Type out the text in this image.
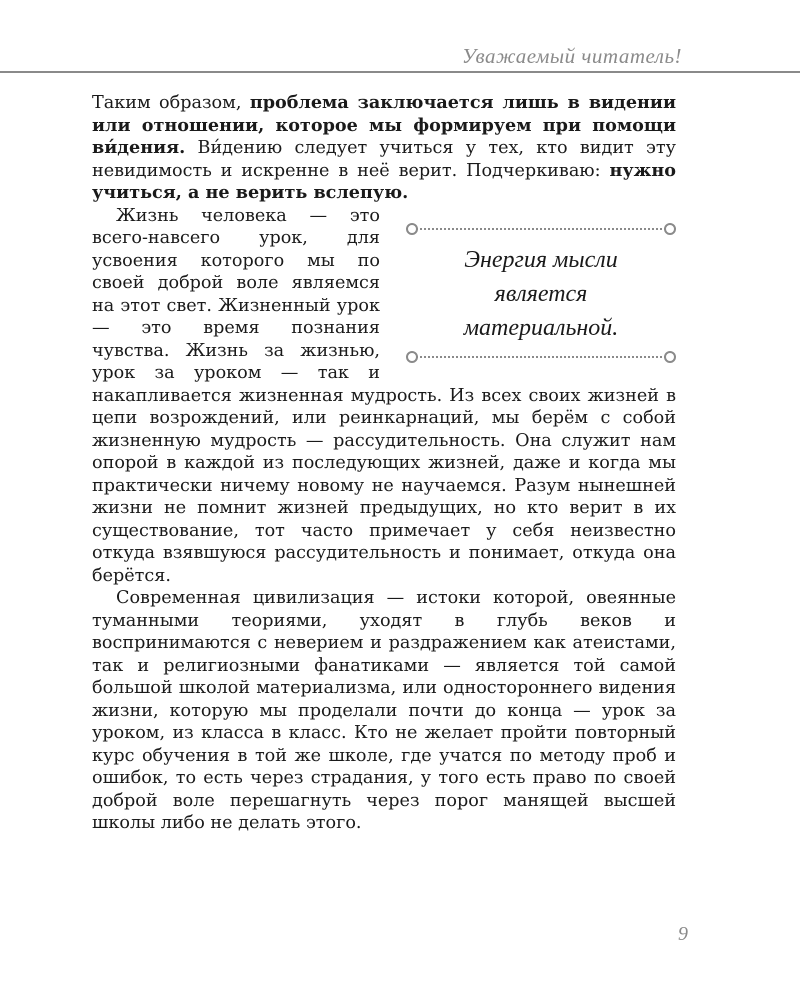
Уважаемый читатель!

Таким образом, проблема заключается лишь в видении или отношении, которое мы формируем при помощи ви́дения. Ви́дению следует учиться у тех, кто видит эту невидимость и искренне в неё верит. Подчеркиваю: нужно учиться, а не верить вслепую.

Энергия мысли
является
материальной.

Жизнь человека — это всего-навсего урок, для усвоения которого мы по своей доброй воле являемся на этот свет. Жизненный урок — это время познания чувства. Жизнь за жизнью, урок за уроком — так и накапливается жизненная мудрость. Из всех своих жизней в цепи возрождений, или реинкарнаций, мы берём с собой жизненную мудрость — рассудительность. Она служит нам опорой в каждой из последующих жизней, даже и когда мы практически ничему новому не научаемся. Разум нынешней жизни не помнит жизней предыдущих, но кто верит в их существование, тот часто примечает у себя неизвестно откуда взявшуюся рассудительность и понимает, откуда она берётся.

Современная цивилизация — истоки которой, овеянные туманными теориями, уходят в глубь веков и воспринимаются с неверием и раздражением как атеистами, так и религиозными фанатиками — является той самой большой школой материализма, или одностороннего видения жизни, которую мы проделали почти до конца — урок за уроком, из класса в класс. Кто не желает пройти повторный курс обучения в той же школе, где учатся по методу проб и ошибок, то есть через страдания, у того есть право по своей доброй воле перешагнуть через порог манящей высшей школы либо не делать этого.

9
